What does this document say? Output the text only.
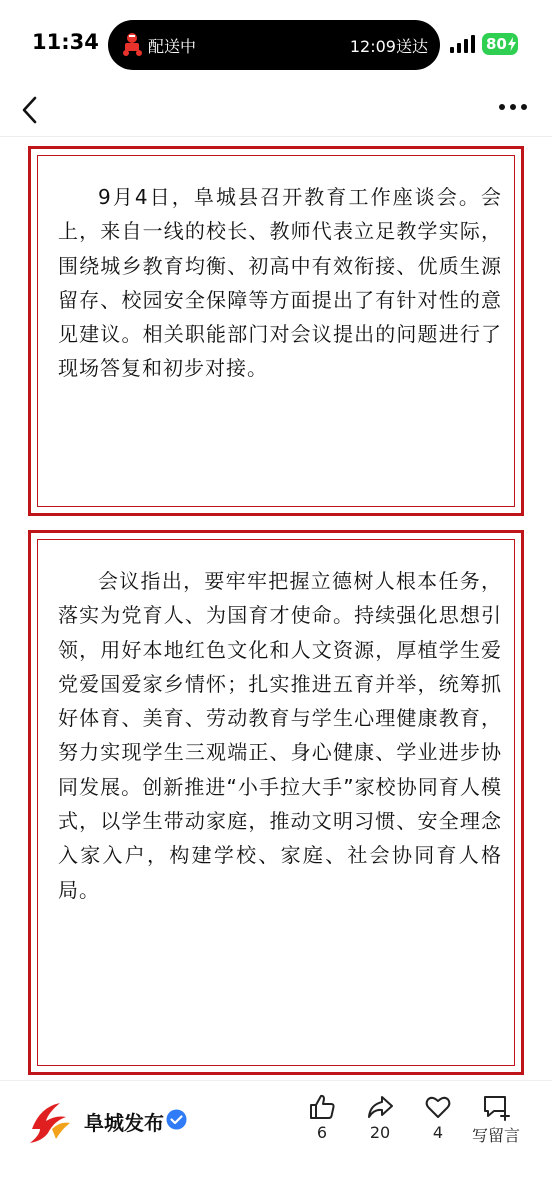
11:34	配送中	12:09送达	80
9月4日，阜城县召开教育工作座谈会。会上，来自一线的校长、教师代表立足教学实际，围绕城乡教育均衡、初高中有效衔接、优质生源留存、校园安全保障等方面提出了有针对性的意见建议。相关职能部门对会议提出的问题进行了现场答复和初步对接。
会议指出，要牢牢把握立德树人根本任务，落实为党育人、为国育才使命。持续强化思想引领，用好本地红色文化和人文资源，厚植学生爱党爱国爱家乡情怀；扎实推进五育并举，统筹抓好体育、美育、劳动教育与学生心理健康教育，努力实现学生三观端正、身心健康、学业进步协同发展。创新推进“小手拉大手”家校协同育人模式，以学生带动家庭，推动文明习惯、安全理念入家入户，构建学校、家庭、社会协同育人格局。
阜城发布	6	20	4	写留言
